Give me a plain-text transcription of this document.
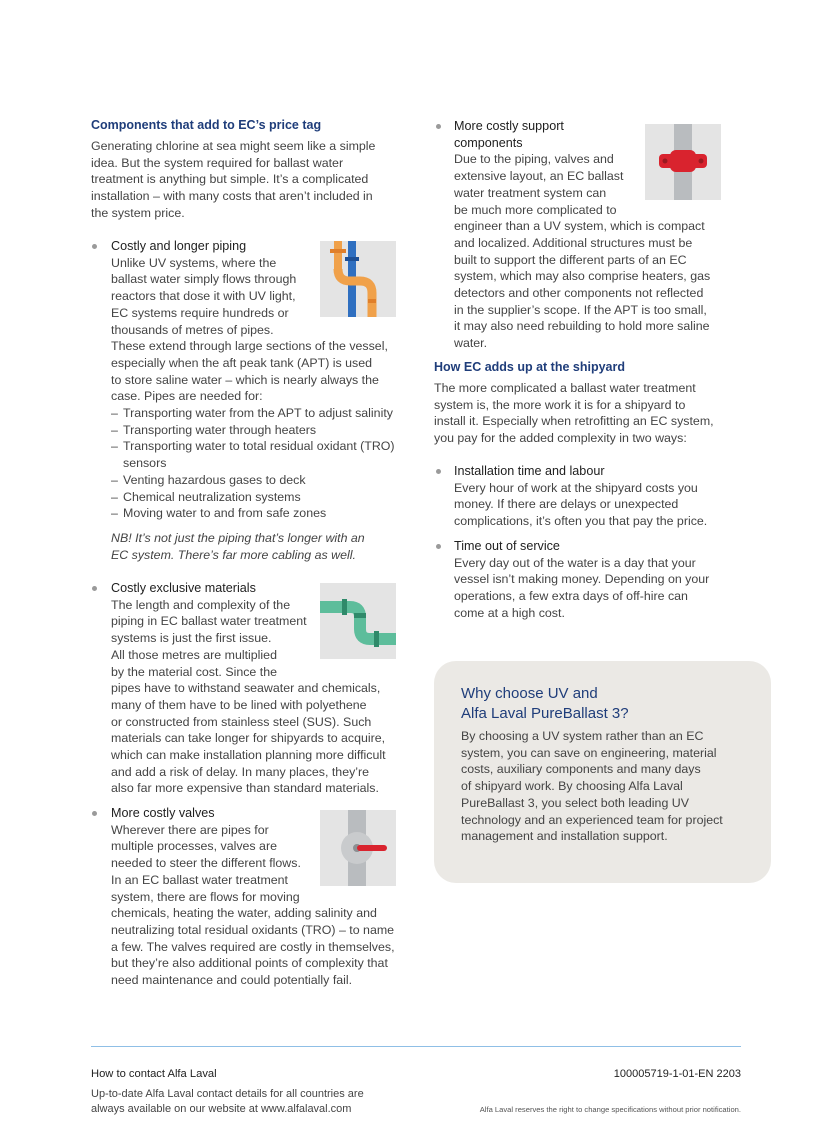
Components that add to EC’s price tag
Generating chlorine at sea might seem like a simple
idea. But the system required for ballast water
treatment is anything but simple. It’s a complicated
installation – with many costs that aren’t included in
the system price.
Costly and longer piping
Unlike UV systems, where the
ballast water simply flows through
reactors that dose it with UV light,
EC systems require hundreds or
thousands of metres of pipes.
These extend through large sections of the vessel,
especially when the aft peak tank (APT) is used
to store saline water – which is nearly always the
case. Pipes are needed for:
– Transporting water from the APT to adjust salinity
– Transporting water through heaters
– Transporting water to total residual oxidant (TRO) sensors
– Venting hazardous gases to deck
– Chemical neutralization systems
– Moving water to and from safe zones
NB! It’s not just the piping that’s longer with an
EC system. There’s far more cabling as well.
Costly exclusive materials
The length and complexity of the
piping in EC ballast water treatment
systems is just the first issue.
All those metres are multiplied
by the material cost. Since the
pipes have to withstand seawater and chemicals,
many of them have to be lined with polyethene
or constructed from stainless steel (SUS). Such
materials can take longer for shipyards to acquire,
which can make installation planning more difficult
and add a risk of delay. In many places, they’re
also far more expensive than standard materials.
More costly valves
Wherever there are pipes for
multiple processes, valves are
needed to steer the different flows.
In an EC ballast water treatment
system, there are flows for moving
chemicals, heating the water, adding salinity and
neutralizing total residual oxidants (TRO) – to name
a few. The valves required are costly in themselves,
but they’re also additional points of complexity that
need maintenance and could potentially fail.
More costly support
components
Due to the piping, valves and
extensive layout, an EC ballast
water treatment system can
be much more complicated to
engineer than a UV system, which is compact
and localized. Additional structures must be
built to support the different parts of an EC
system, which may also comprise heaters, gas
detectors and other components not reflected
in the supplier’s scope. If the APT is too small,
it may also need rebuilding to hold more saline
water.
How EC adds up at the shipyard
The more complicated a ballast water treatment
system is, the more work it is for a shipyard to
install it. Especially when retrofitting an EC system,
you pay for the added complexity in two ways:
Installation time and labour
Every hour of work at the shipyard costs you
money. If there are delays or unexpected
complications, it’s often you that pay the price.
Time out of service
Every day out of the water is a day that your
vessel isn’t making money. Depending on your
operations, a few extra days of off-hire can
come at a high cost.
Why choose UV and
Alfa Laval PureBallast 3?
By choosing a UV system rather than an EC
system, you can save on engineering, material
costs, auxiliary components and many days
of shipyard work. By choosing Alfa Laval
PureBallast 3, you select both leading UV
technology and an experienced team for project
management and installation support.
How to contact Alfa Laval
Up-to-date Alfa Laval contact details for all countries are
always available on our website at www.alfalaval.com
100005719-1-01-EN 2203
Alfa Laval reserves the right to change specifications without prior notification.
